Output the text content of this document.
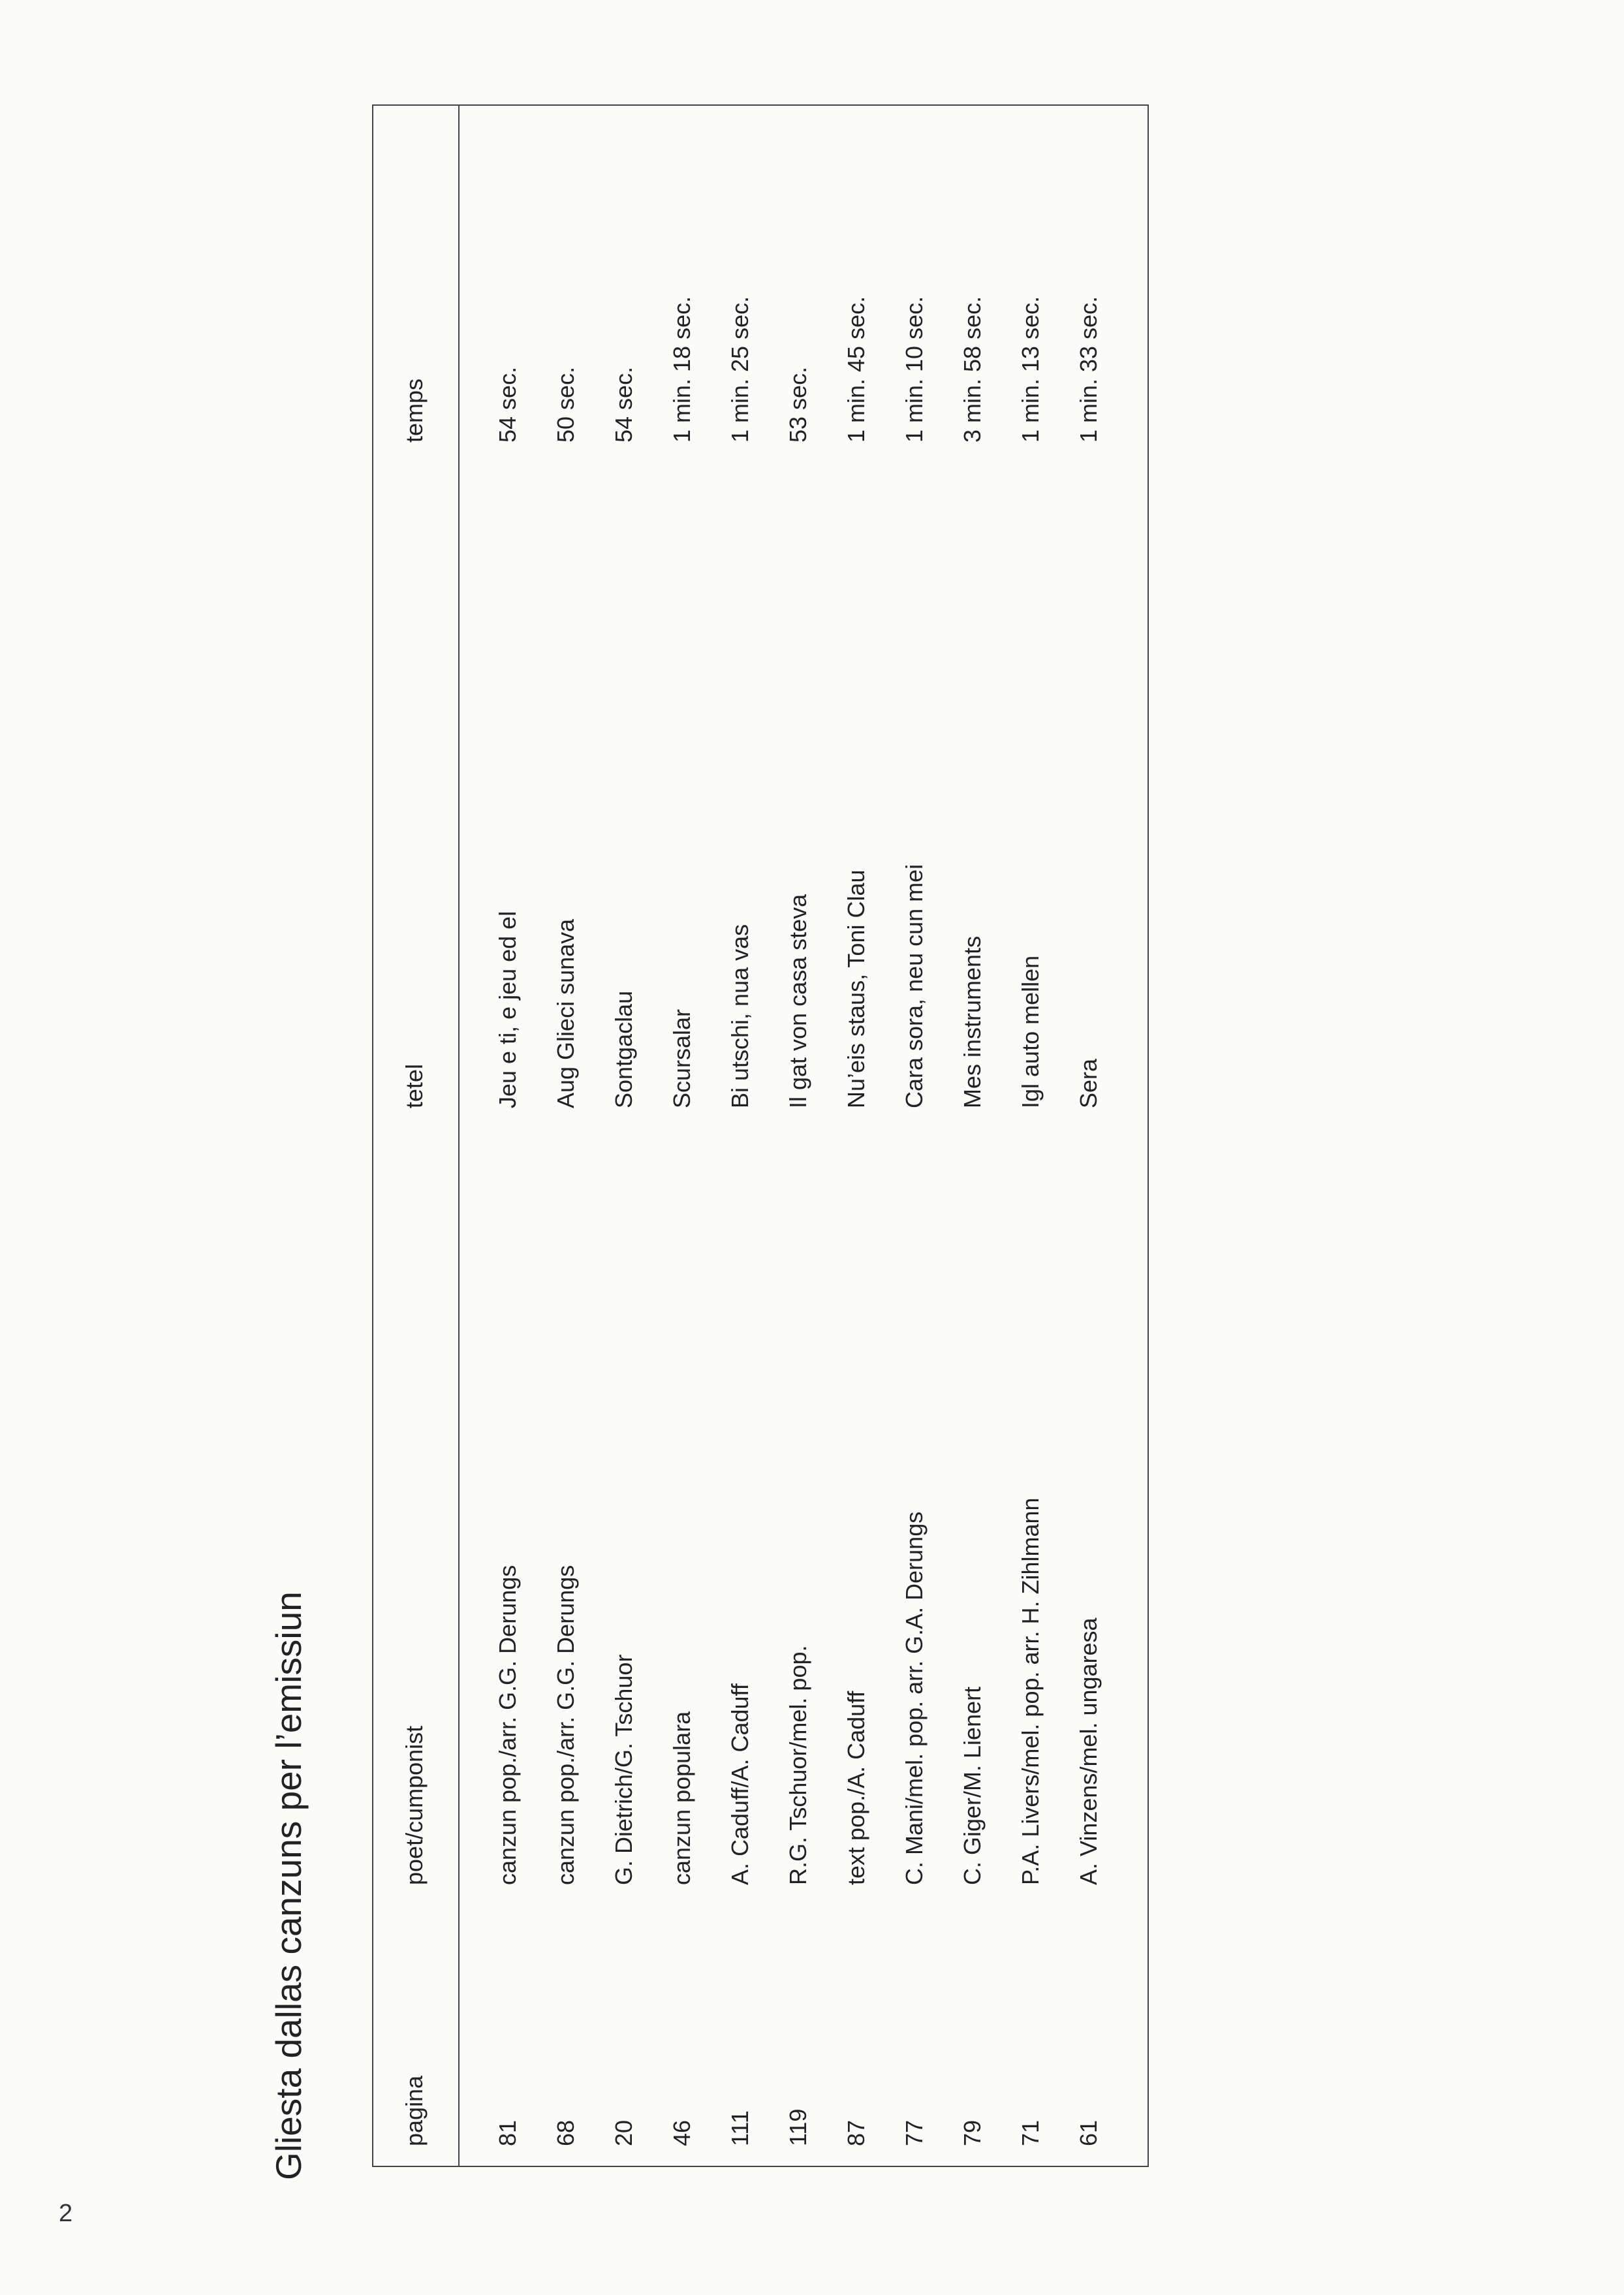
2
Gliesta dallas canzuns per l’emissiun	pagina
poet/cumponist
tetel
temps
81
canzun pop./arr. G.G. Derungs
Jeu e ti, e jeu ed el
54 sec.
68
canzun pop./arr. G.G. Derungs
Aug Glieci sunava
50 sec.
20
G. Dietrich/G. Tschuor
Sontgaclau
54 sec.
46
canzun populara
Scursalar
1 min. 18 sec.
111
A. Caduff/A. Caduff
Bi utschi, nua vas
1 min. 25 sec.
119
R.G. Tschuor/mel. pop.
Il gat von casa steva
53 sec.
87
text pop./A. Caduff
Nu’eis staus, Toni Clau
1 min. 45 sec.
77
C. Mani/mel. pop. arr. G.A. Derungs
Cara sora, neu cun mei
1 min. 10 sec.
79
C. Giger/M. Lienert
Mes instruments
3 min. 58 sec.
71
P.A. Livers/mel. pop. arr. H. Zihlmann
Igl auto mellen
1 min. 13 sec.
61
A. Vinzens/mel. ungaresa
Sera
1 min. 33 sec.
